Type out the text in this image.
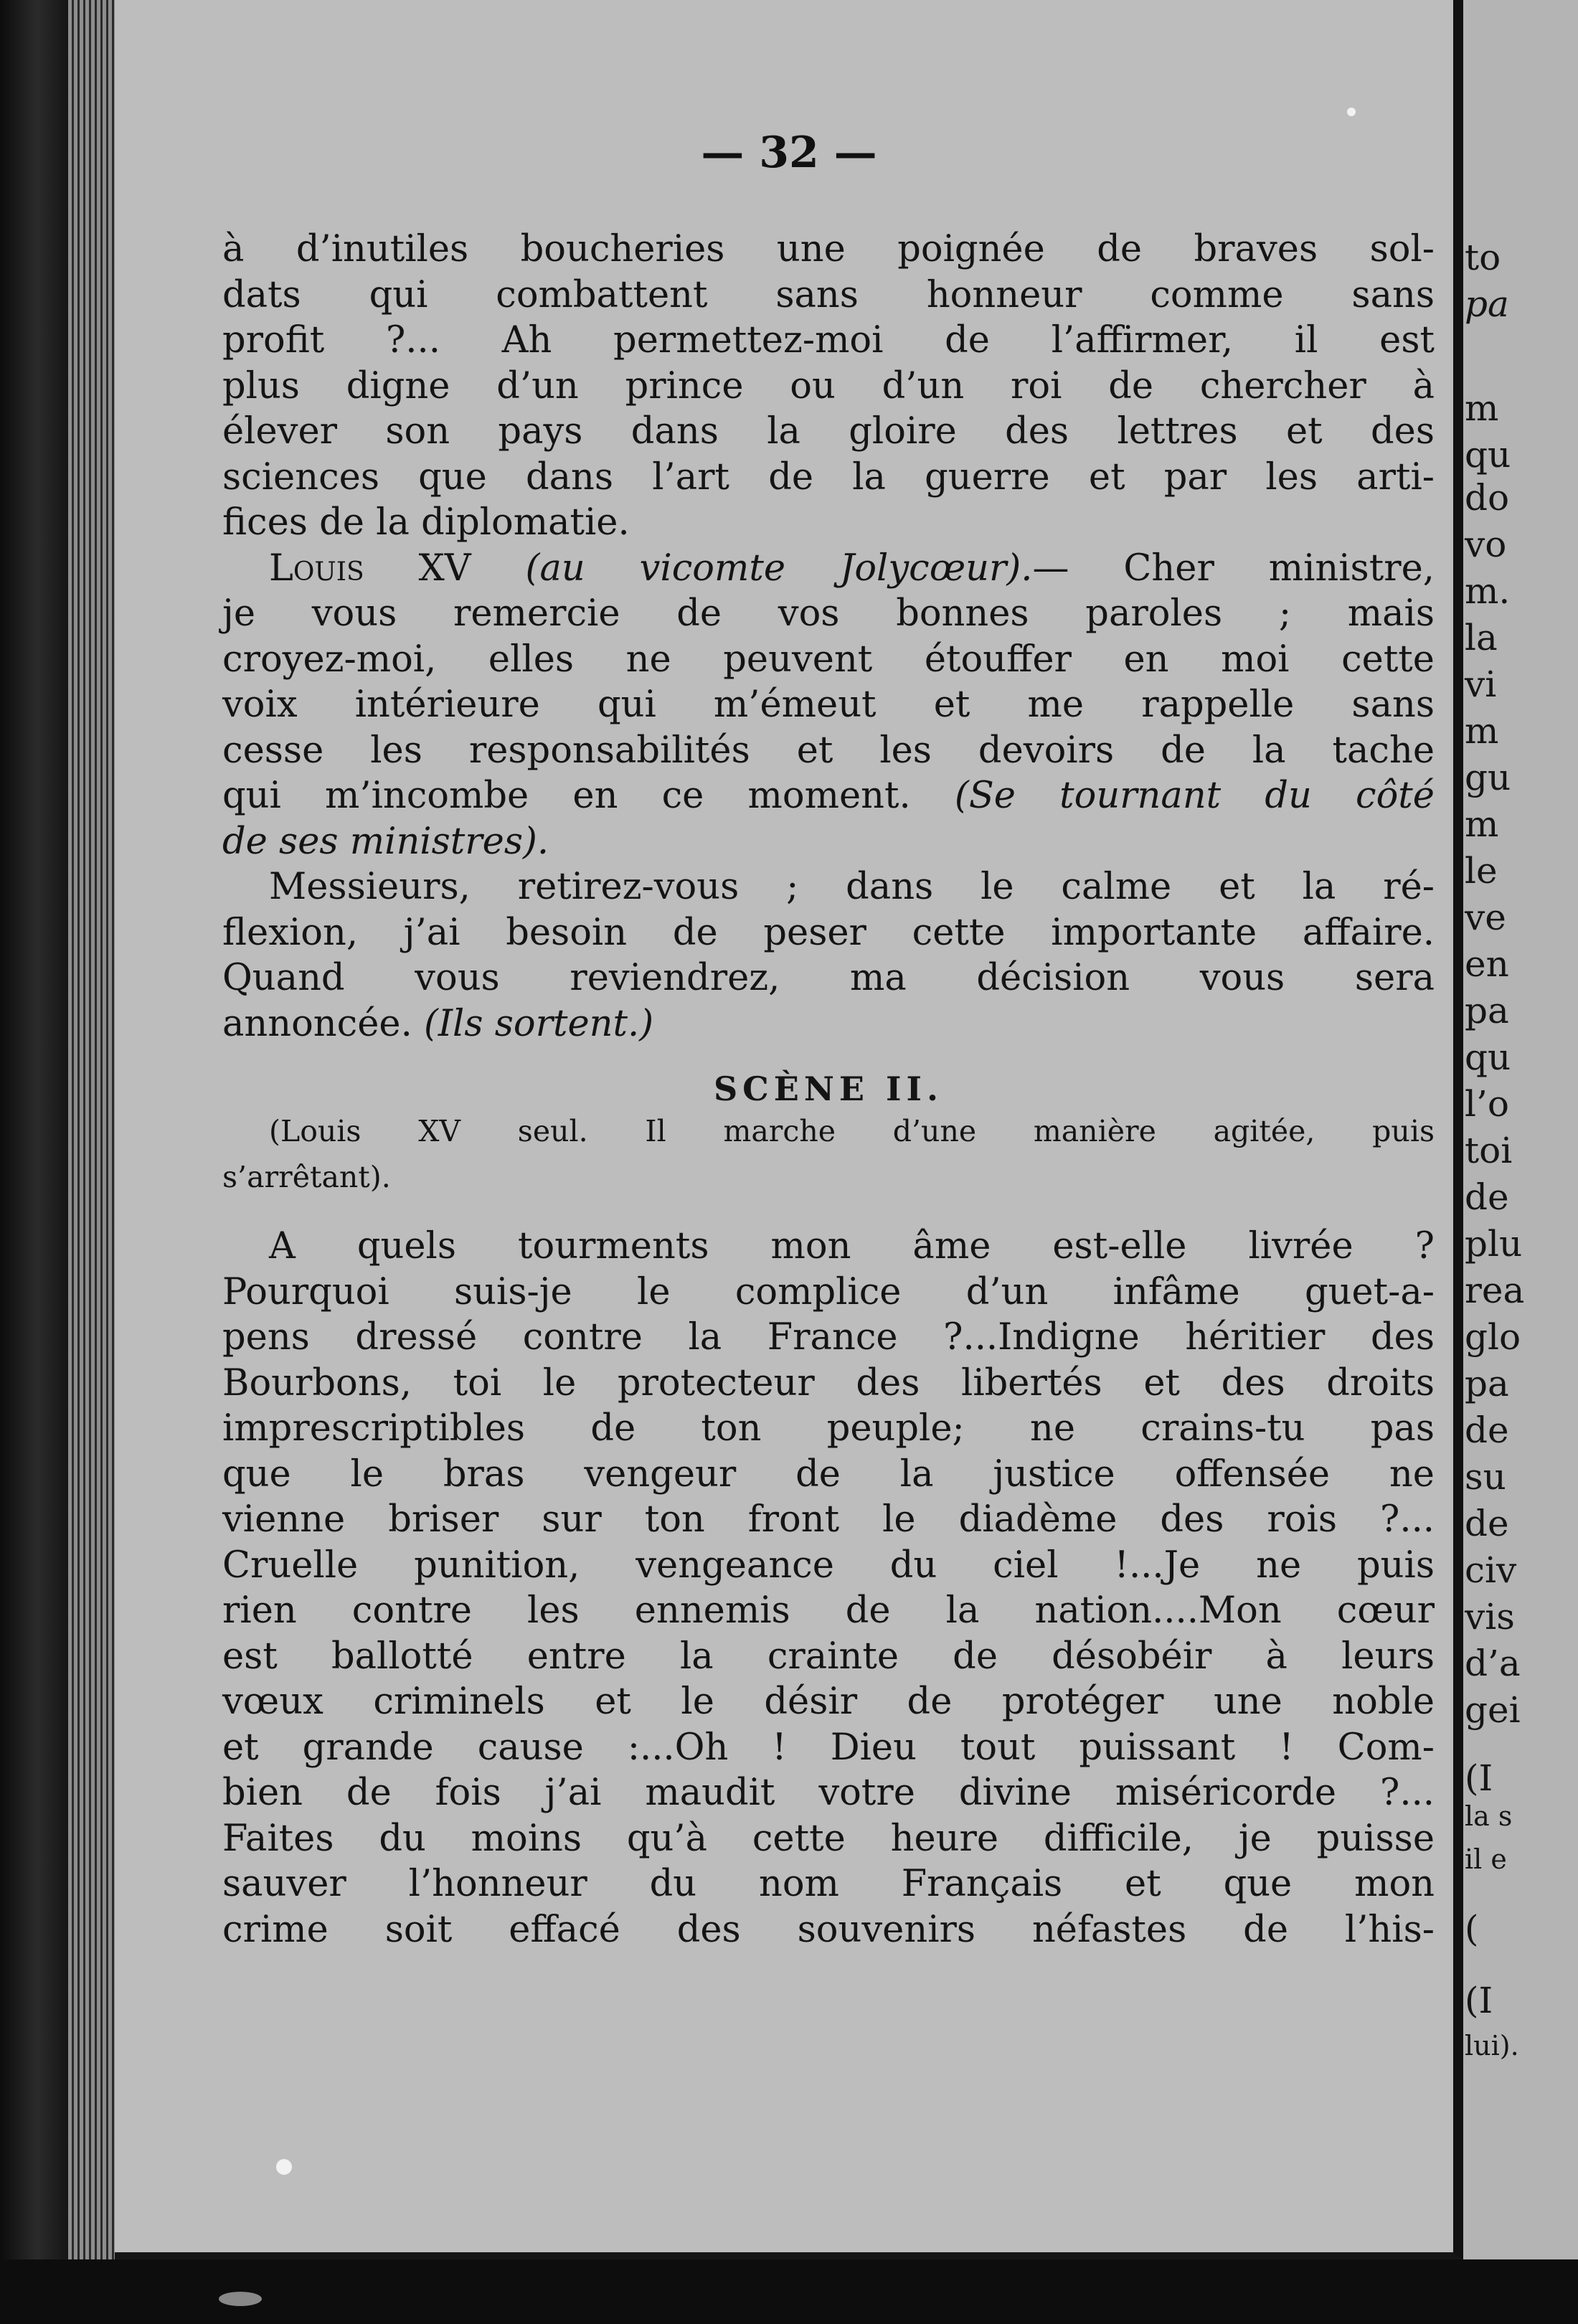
— 32 —
à d’inutiles boucheries une poignée de braves sol-
dats qui combattent sans honneur comme sans
profit ?... Ah permettez-moi de l’affirmer, il est
plus digne d’un prince ou d’un roi de chercher à
élever son pays dans la gloire des lettres et des
sciences que dans l’art de la guerre et par les arti-
fices de la diplomatie.
Louis XV (au vicomte Jolycœur).— Cher ministre,
je vous remercie de vos bonnes paroles ; mais
croyez-moi, elles ne peuvent étouffer en moi cette
voix intérieure qui m’émeut et me rappelle sans
cesse les responsabilités et les devoirs de la tache
qui m’incombe en ce moment. (Se tournant du côté
de ses ministres).
Messieurs, retirez-vous ; dans le calme et la ré-
flexion, j’ai besoin de peser cette importante affaire.
Quand vous reviendrez, ma décision vous sera
annoncée. (Ils sortent.)
SCÈNE II.
(Louis XV seul. Il marche d’une manière agitée, puis
s’arrêtant).
A quels tourments mon âme est-elle livrée ?
Pourquoi suis-je le complice d’un infâme guet-a-
pens dressé contre la France ?...Indigne héritier des
Bourbons, toi le protecteur des libertés et des droits
imprescriptibles de ton peuple; ne crains-tu pas
que le bras vengeur de la justice offensée ne
vienne briser sur ton front le diadème des rois ?...
Cruelle punition, vengeance du ciel !...Je ne puis
rien contre les ennemis de la nation....Mon cœur
est ballotté entre la crainte de désobéir à leurs
vœux criminels et le désir de protéger une noble
et grande cause :...Oh ! Dieu tout puissant ! Com-
bien de fois j’ai maudit votre divine miséricorde ?...
Faites du moins qu’à cette heure difficile, je puisse
sauver l’honneur du nom Français et que mon
crime soit effacé des souvenirs néfastes de l’his-
to
pa
m
qu
do
vo
m.
la
vi
m
gu
m
le
ve
en
pa
qu
l’o
toi
de
plu
rea
glo
pa
de
su
de
civ
vis
d’a
gei
(I
la s
il e
(
(I
lui).
